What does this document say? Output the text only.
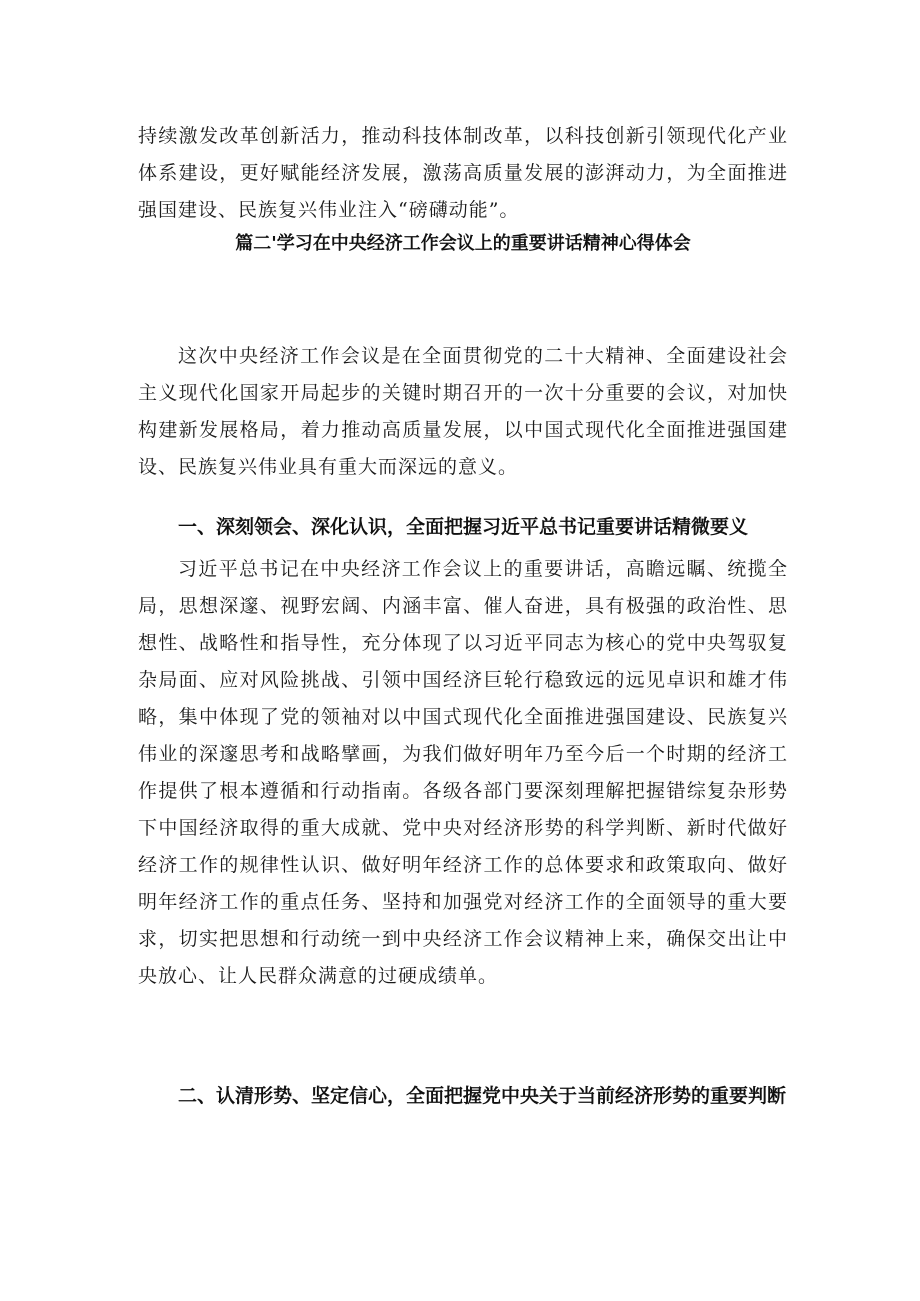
持续激发改革创新活力，推动科技体制改革，以科技创新引领现代化产业体系建设，更好赋能经济发展，激荡高质量发展的澎湃动力，为全面推进强国建设、民族复兴伟业注入“磅礴动能”。

篇二'学习在中央经济工作会议上的重要讲话精神心得体会

这次中央经济工作会议是在全面贯彻党的二十大精神、全面建设社会主义现代化国家开局起步的关键时期召开的一次十分重要的会议，对加快构建新发展格局，着力推动高质量发展，以中国式现代化全面推进强国建设、民族复兴伟业具有重大而深远的意义。

一、深刻领会、深化认识，全面把握习近平总书记重要讲话精微要义

习近平总书记在中央经济工作会议上的重要讲话，高瞻远瞩、统揽全局，思想深邃、视野宏阔、内涵丰富、催人奋进，具有极强的政治性、思想性、战略性和指导性，充分体现了以习近平同志为核心的党中央驾驭复杂局面、应对风险挑战、引领中国经济巨轮行稳致远的远见卓识和雄才伟略，集中体现了党的领袖对以中国式现代化全面推进强国建设、民族复兴伟业的深邃思考和战略擘画，为我们做好明年乃至今后一个时期的经济工作提供了根本遵循和行动指南。各级各部门要深刻理解把握错综复杂形势下中国经济取得的重大成就、党中央对经济形势的科学判断、新时代做好经济工作的规律性认识、做好明年经济工作的总体要求和政策取向、做好明年经济工作的重点任务、坚持和加强党对经济工作的全面领导的重大要求，切实把思想和行动统一到中央经济工作会议精神上来，确保交出让中央放心、让人民群众满意的过硬成绩单。

二、认清形势、坚定信心，全面把握党中央关于当前经济形势的重要判断
